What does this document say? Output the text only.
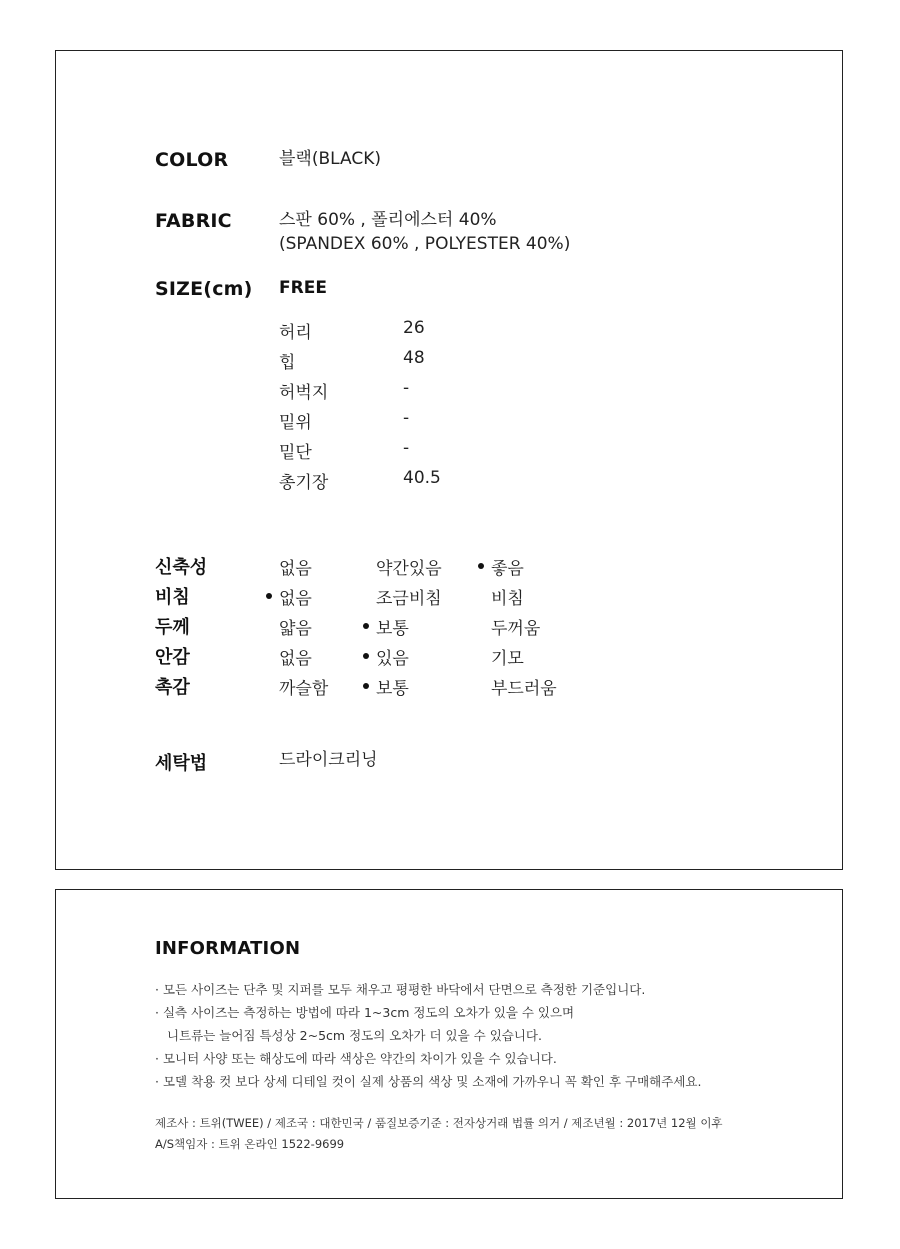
COLOR	블랙(BLACK)
FABRIC	스판 60% , 폴리에스터 40%
(SPANDEX 60% , POLYESTER 40%)
SIZE(cm) FREE
허리	26
힙	48
허벅지	-
밑위	-
밑단	-
총기장	40.5
신축성	없음	약간있음	좋음
비침	없음	조금비침	비침
두께	얇음	보통	두꺼움
안감	없음	있음	기모
촉감	까슬함	보통	부드러움
세탁법	드라이크리닝
INFORMATION
· 모든 사이즈는 단추 및 지퍼를 모두 채우고 평평한 바닥에서 단면으로 측정한 기준입니다.
· 실측 사이즈는 측정하는 방법에 따라 1~3cm 정도의 오차가 있을 수 있으며
니트류는 늘어짐 특성상 2~5cm 정도의 오차가 더 있을 수 있습니다.
· 모니터 사양 또는 해상도에 따라 색상은 약간의 차이가 있을 수 있습니다.
· 모델 착용 컷 보다 상세 디테일 컷이 실제 상품의 색상 및 소재에 가까우니 꼭 확인 후 구매해주세요.
제조사 : 트위(TWEE) / 제조국 : 대한민국 / 품질보증기준 : 전자상거래 법률 의거 / 제조년월 : 2017년 12월 이후
A/S책임자 : 트위 온라인 1522-9699
